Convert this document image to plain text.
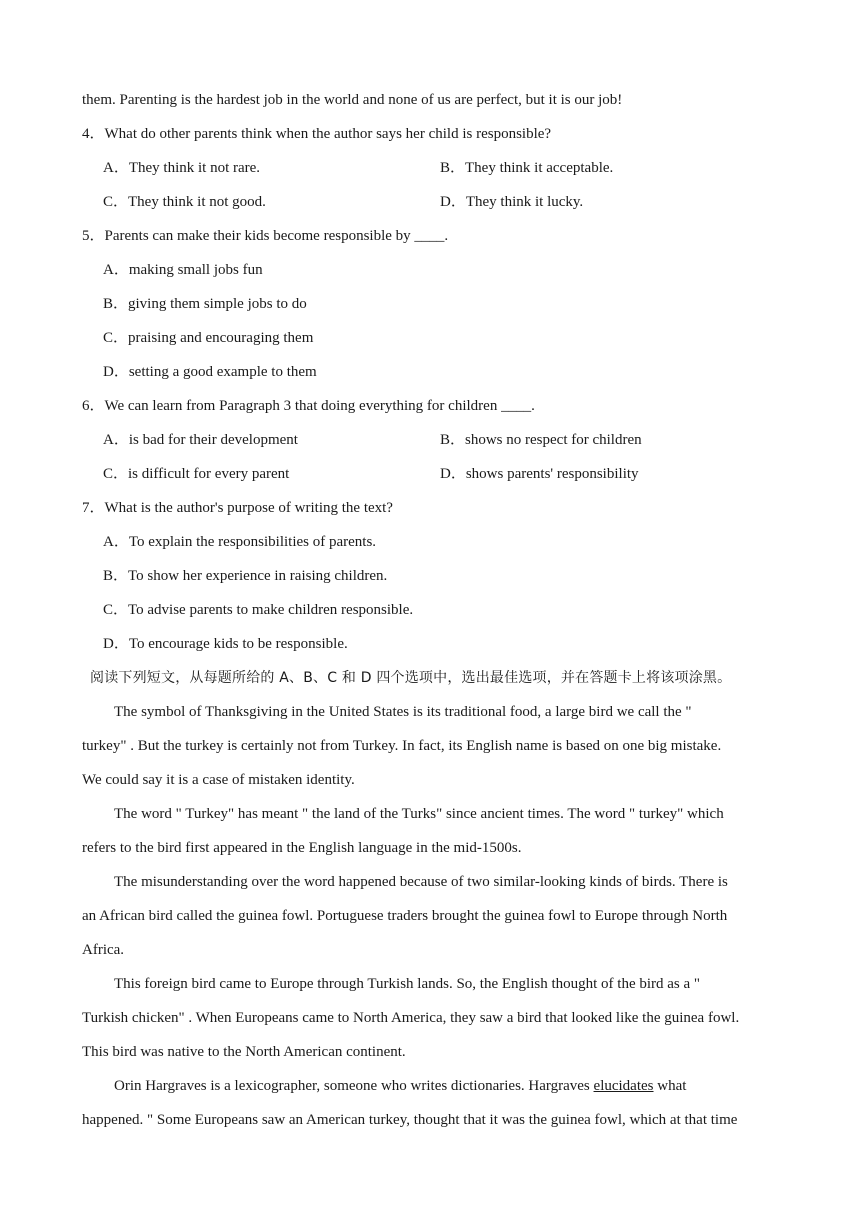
them. Parenting is the hardest job in the world and none of us are perfect, but it is our job!
4．What do other parents think when the author says her child is responsible?
A．They think it not rare.	B．They think it acceptable.
C．They think it not good.	D．They think it lucky.
5．Parents can make their kids become responsible by ____.
A．making small jobs fun
B．giving them simple jobs to do
C．praising and encouraging them
D．setting a good example to them
6．We can learn from Paragraph 3 that doing everything for children ____.
A．is bad for their development	B．shows no respect for children
C．is difficult for every parent	D．shows parents' responsibility
7．What is the author's purpose of writing the text?
A．To explain the responsibilities of parents.
B．To show her experience in raising children.
C．To advise parents to make children responsible.
D．To encourage kids to be responsible.
阅读下列短文，从每题所给的 A、B、C 和 D 四个选项中，选出最佳选项，并在答题卡上将该项涂黑。
The symbol of Thanksgiving in the United States is its traditional food, a large bird we call the "
turkey" . But the turkey is certainly not from Turkey. In fact, its English name is based on one big mistake.
We could say it is a case of mistaken identity.
The word " Turkey" has meant " the land of the Turks" since ancient times. The word " turkey" which
refers to the bird first appeared in the English language in the mid-1500s.
The misunderstanding over the word happened because of two similar-looking kinds of birds. There is
an African bird called the guinea fowl. Portuguese traders brought the guinea fowl to Europe through North
Africa.
This foreign bird came to Europe through Turkish lands. So, the English thought of the bird as a "
Turkish chicken" . When Europeans came to North America, they saw a bird that looked like the guinea fowl.
This bird was native to the North American continent.
Orin Hargraves is a lexicographer, someone who writes dictionaries. Hargraves elucidates what
happened. " Some Europeans saw an American turkey, thought that it was the guinea fowl, which at that time
